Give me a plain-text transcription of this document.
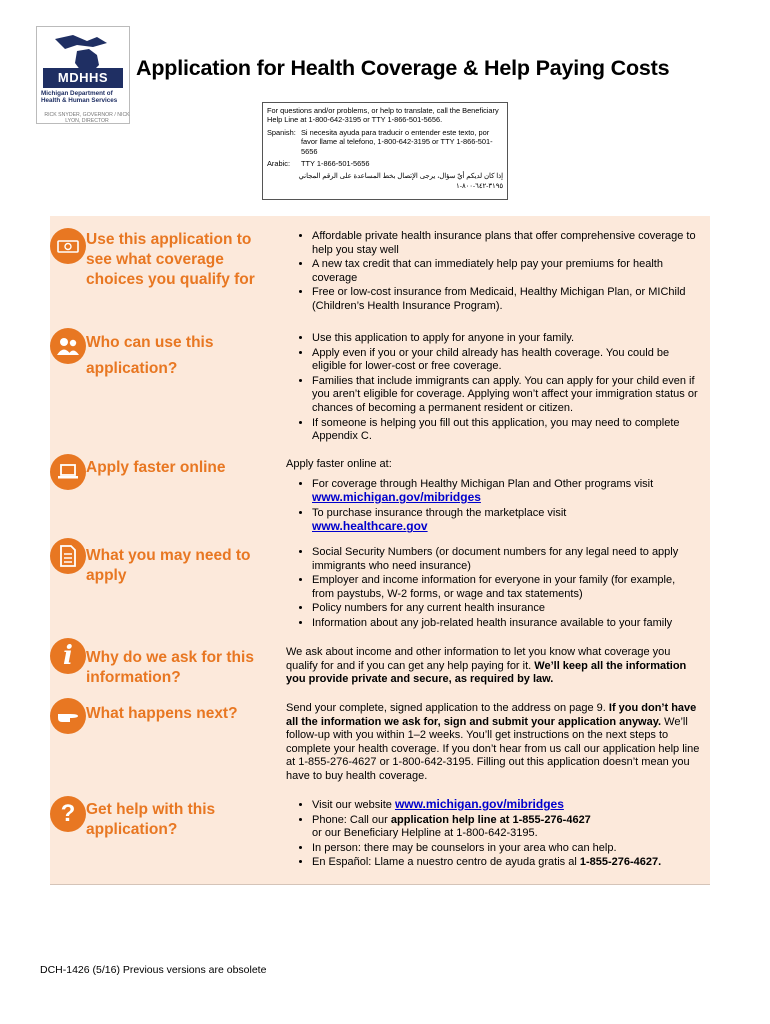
MDHHS
Michigan Department of Health & Human Services
RICK SNYDER, GOVERNOR / NICK LYON, DIRECTOR
Application for Health Coverage & Help Paying Costs
For questions and/or problems, or help to translate, call the Beneficiary Help Line at 1-800-642-3195 or TTY 1-866-501-5656.
Spanish: Si necesita ayuda para traducir o entender este texto, por favor llame al telefono, 1-800-642-3195 or TTY 1-866-501-5656
Arabic: TTY 1-866-501-5656
إذا كان لديكم أيّ سؤال، يرجى الإتصال بخط المساعدة على الرقم المجاني ٣١٩٥-٦٤٢-٨٠٠-١
Use this application to see what coverage choices you qualify for
• Affordable private health insurance plans that offer comprehensive coverage to help you stay well
• A new tax credit that can immediately help pay your premiums for health coverage
• Free or low-cost insurance from Medicaid, Healthy Michigan Plan, or MIChild (Children’s Health Insurance Program).
Who can use this application?
• Use this application to apply for anyone in your family.
• Apply even if you or your child already has health coverage. You could be eligible for lower-cost or free coverage.
• Families that include immigrants can apply. You can apply for your child even if you aren’t eligible for coverage. Applying won’t affect your immigration status or chances of becoming a permanent resident or citizen.
• If someone is helping you fill out this application, you may need to complete Appendix C.
Apply faster online	Apply faster online at:
• For coverage through Healthy Michigan Plan and Other programs visit
www.michigan.gov/mibridges
• To purchase insurance through the marketplace visit
www.healthcare.gov
What you may need to apply
• Social Security Numbers (or document numbers for any legal need to apply immigrants who need insurance)
• Employer and income information for everyone in your family (for example, from paystubs, W-2 forms, or wage and tax statements)
• Policy numbers for any current health insurance
• Information about any job-related health insurance available to your family
i Why do we ask for this information?
We ask about income and other information to let you know what coverage you qualify for and if you can get any help paying for it. We’ll keep all the information you provide private and secure, as required by law.
What happens next?	Send your complete, signed application to the address on page 9. If you don’t have all the information we ask for, sign and submit your application anyway. We’ll follow-up with you within 1–2 weeks. You’ll get instructions on the next steps to complete your health coverage. If you don’t hear from us call our application help line at 1-855-276-4627 or 1-800-642-3195. Filling out this application doesn’t mean you have to buy health coverage.
? Get help with this application?
• Visit our website www.michigan.gov/mibridges
• Phone: Call our application help line at 1-855-276-4627
or our Beneficiary Helpline at 1-800-642-3195.
• In person: there may be counselors in your area who can help.
• En Español: Llame a nuestro centro de ayuda gratis al 1-855-276-4627.
DCH-1426 (5/16) Previous versions are obsolete
